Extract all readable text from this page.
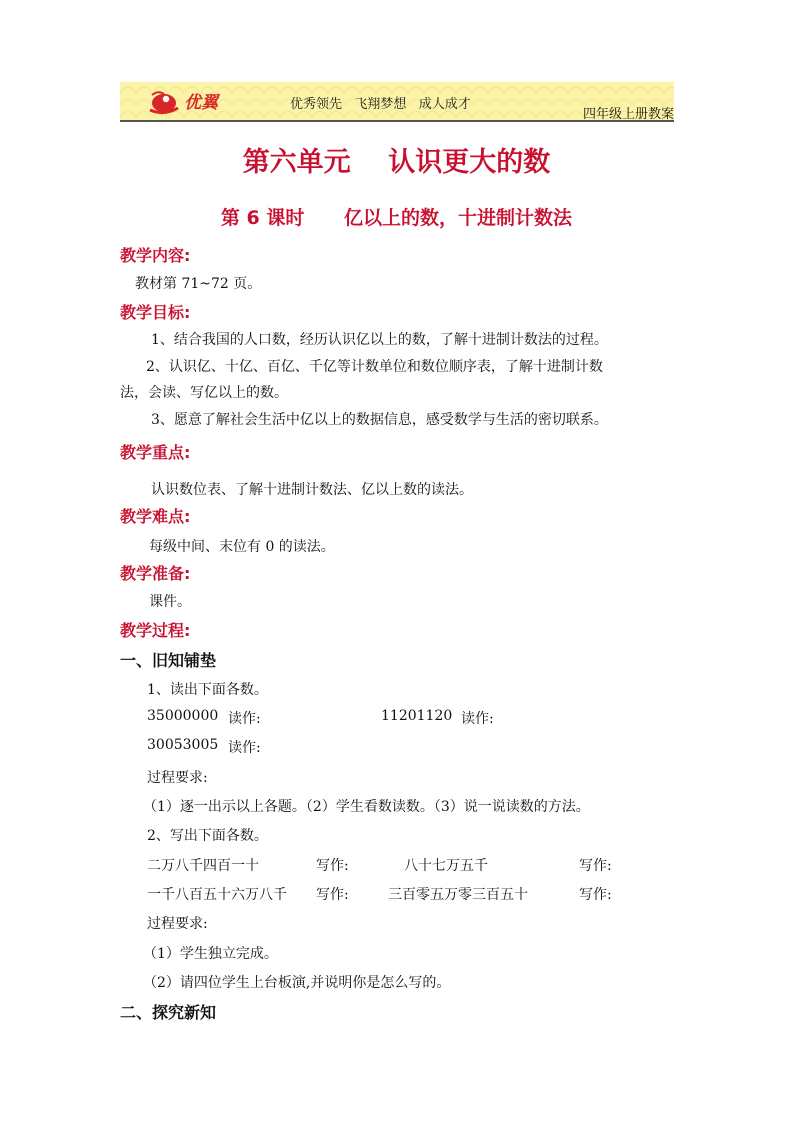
优翼	优秀领先   飞翔梦想   成人成才
四年级上册教案
第六单元    认识更大的数
第 6 课时      亿以上的数，十进制计数法
教学内容:
教材第 71~72 页。
教学目标:
1、结合我国的人口数，经历认识亿以上的数，了解十进制计数法的过程。
2、认识亿、十亿、百亿、千亿等计数单位和数位顺序表，了解十进制计数
法，会读、写亿以上的数。
3、愿意了解社会生活中亿以上的数据信息，感受数学与生活的密切联系。
教学重点:
认识数位表、了解十进制计数法、亿以上数的读法。
教学难点:
每级中间、末位有 0 的读法。
教学准备:
课件。
教学过程:
一、旧知铺垫
1、读出下面各数。
35000000 读作:	11201120 读作:
30053005 读作:
过程要求:
（1）逐一出示以上各题。（2）学生看数读数。（3）说一说读数的方法。
2、写出下面各数。
二万八千四百一十	写作:	八十七万五千	写作:
一千八百五十六万八千 写作:	三百零五万零三百五十	写作:
过程要求:
（1）学生独立完成。
（2）请四位学生上台板演,并说明你是怎么写的。
二、探究新知
